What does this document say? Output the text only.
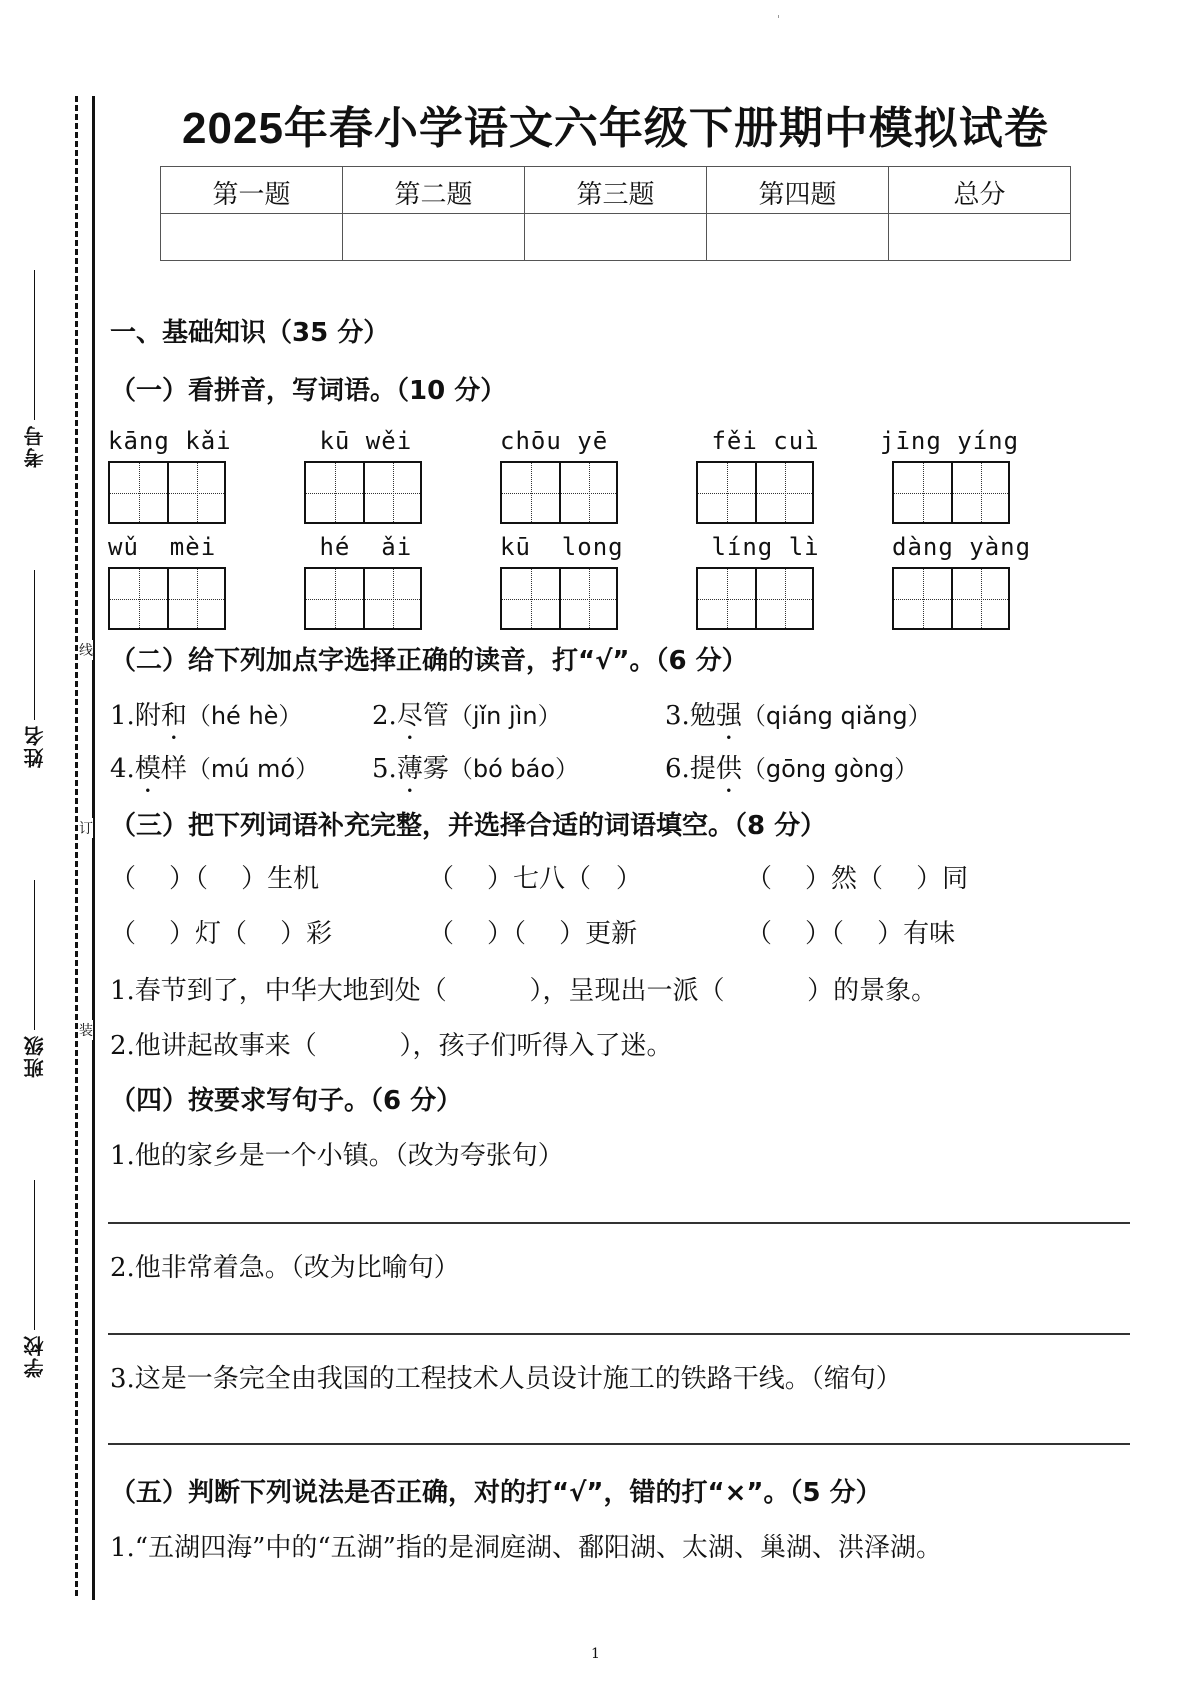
线
订
装
考号
姓名
班级
学校
2025年春小学语文六年级下册期中模拟试卷
第一题	第二题	第三题	第四题	总分

一、基础知识（35 分）
（一）看拼音，写词语。（10 分）
kāng kǎi	kū wěi	chōu yē	fěi cuì	jīng yíng
wǔ  mèi	hé  ǎi	kū  long	líng lì	dàng yàng
（二）给下列加点字选择正确的读音，打“√”。（6 分）
1.附和（hé hè）	2.尽管（jǐn jìn）	3.勉强（qiáng qiǎng）
4.模样（mú mó）	5.薄雾（bó báo）	6.提供（gōng gòng）
（三）把下列词语补充完整，并选择合适的词语填空。（8 分）
（    ）（    ）生机	（    ）七八（   ）	（    ）然（    ）同
（    ）灯（    ）彩	（    ）（    ）更新	（    ）（    ）有味
1.春节到了，中华大地到处（          ），呈现出一派（          ）的景象。
2.他讲起故事来（          ），孩子们听得入了迷。
（四）按要求写句子。（6 分）
1.他的家乡是一个小镇。（改为夸张句）
2.他非常着急。（改为比喻句）
3.这是一条完全由我国的工程技术人员设计施工的铁路干线。（缩句）
（五）判断下列说法是否正确，对的打“√”，错的打“×”。（5 分）
1.“五湖四海”中的“五湖”指的是洞庭湖、鄱阳湖、太湖、巢湖、洪泽湖。
1
